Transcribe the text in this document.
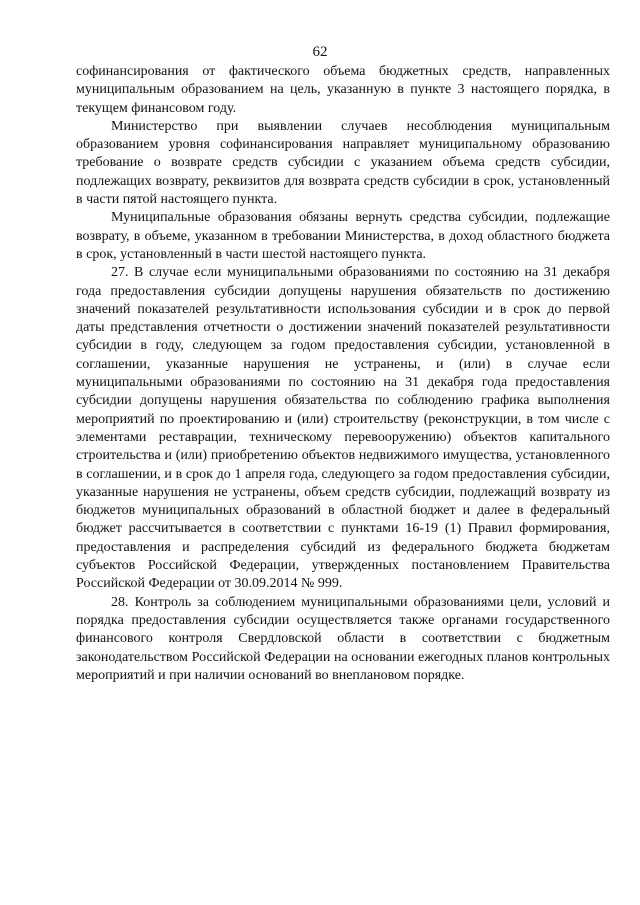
62

софинансирования от фактического объема бюджетных средств, направленных муниципальным образованием на цель, указанную в пункте 3 настоящего порядка, в текущем финансовом году.

Министерство при выявлении случаев несоблюдения муниципальным образованием уровня софинансирования направляет муниципальному образованию требование о возврате средств субсидии с указанием объема средств субсидии, подлежащих возврату, реквизитов для возврата средств субсидии в срок, установленный в части пятой настоящего пункта.

Муниципальные образования обязаны вернуть средства субсидии, подлежащие возврату, в объеме, указанном в требовании Министерства, в доход областного бюджета в срок, установленный в части шестой настоящего пункта.

27. В случае если муниципальными образованиями по состоянию на 31 декабря года предоставления субсидии допущены нарушения обязательств по достижению значений показателей результативности использования субсидии и в срок до первой даты представления отчетности о достижении значений показателей результативности субсидии в году, следующем за годом предоставления субсидии, установленной в соглашении, указанные нарушения не устранены, и (или) в случае если муниципальными образованиями по состоянию на 31 декабря года предоставления субсидии допущены нарушения обязательства по соблюдению графика выполнения мероприятий по проектированию и (или) строительству (реконструкции, в том числе с элементами реставрации, техническому перевооружению) объектов капитального строительства и (или) приобретению объектов недвижимого имущества, установленного в соглашении, и в срок до 1 апреля года, следующего за годом предоставления субсидии, указанные нарушения не устранены, объем средств субсидии, подлежащий возврату из бюджетов муниципальных образований в областной бюджет и далее в федеральный бюджет рассчитывается в соответствии с пунктами 16-19 (1) Правил формирования, предоставления и распределения субсидий из федерального бюджета бюджетам субъектов Российской Федерации, утвержденных постановлением Правительства Российской Федерации от 30.09.2014 № 999.

28. Контроль за соблюдением муниципальными образованиями цели, условий и порядка предоставления субсидии осуществляется также органами государственного финансового контроля Свердловской области в соответствии с бюджетным законодательством Российской Федерации на основании ежегодных планов контрольных мероприятий и при наличии оснований во внеплановом порядке.
